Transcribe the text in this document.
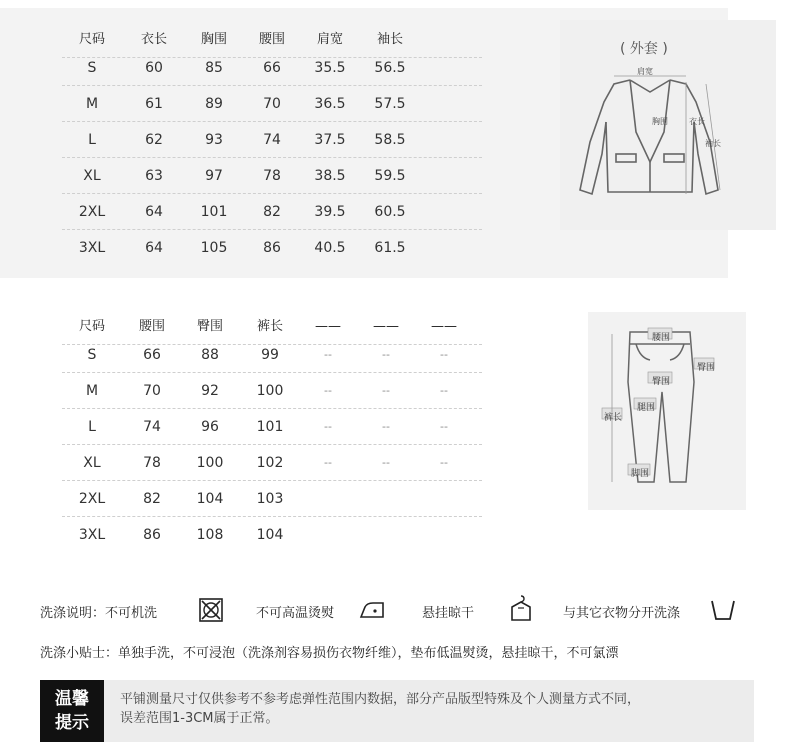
尺码	衣长	胸围	腰围	肩宽	袖长
S	60	85	66	35.5	56.5
M	61	89	70	36.5	57.5
L	62	93	74	37.5	58.5
XL	63	97	78	38.5	59.5
2XL	64	101	82	39.5	60.5
3XL	64	105	86	40.5	61.5
( 外套 )
肩宽
胸围	衣长
袖长
尺码	腰围	臀围	裤长	——	——	——
S	66	88	99	--	--	--
M	70	92	100	--	--	--
L	74	96	101	--	--	--
XL	78	100	102	--	--	--
2XL	82	104	103
3XL	86	108	104
腰围
臀围
臀围
腿围
裤长
脚围
洗涤说明：不可机洗	不可高温烫熨	悬挂晾干	与其它衣物分开洗涤
洗涤小贴士：单独手洗，不可浸泡（洗涤剂容易损伤衣物纤维），垫布低温熨烫，悬挂晾干，不可氯漂
温馨
提示
平铺测量尺寸仅供参考不参考虑弹性范围内数据，部分产品版型特殊及个人测量方式不同，
误差范围1-3CM属于正常。
